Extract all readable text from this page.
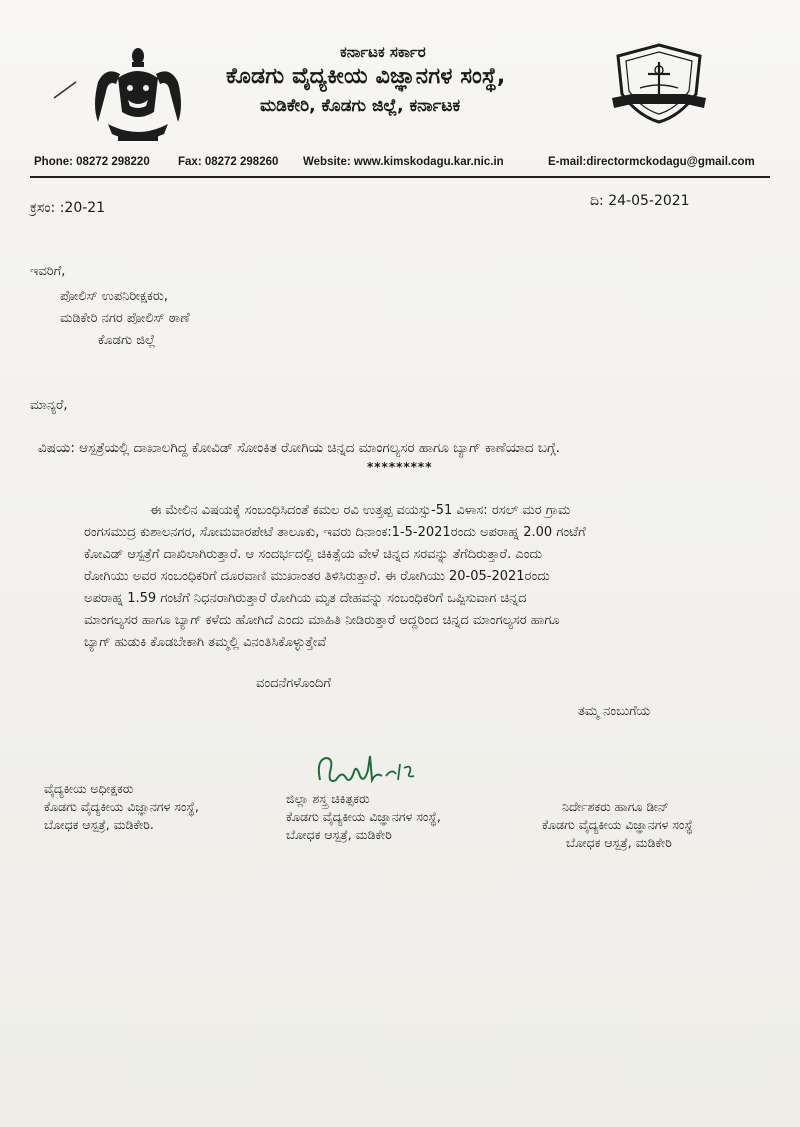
ಕರ್ನಾಟಕ ಸರ್ಕಾರ
ಕೊಡಗು ವೈದ್ಯಕೀಯ ವಿಜ್ಞಾನಗಳ ಸಂಸ್ಥೆ,
ಮಡಿಕೇರಿ, ಕೊಡಗು ಜಿಲ್ಲೆ, ಕರ್ನಾಟಕ
Phone: 08272 298220 Fax: 08272 298260 Website: www.kimskodagu.kar.nic.in	E-mail:directormckodagu@gmail.com
ಕ್ರಸಂ: :20-21	ದಿ: 24-05-2021
ಇವರಿಗೆ,
ಪೋಲಿಸ್ ಉಪನಿರೀಕ್ಷಕರು,
ಮಡಿಕೇರಿ ನಗರ ಪೋಲಿಸ್ ಠಾಣೆ
ಕೊಡಗು ಜಿಲ್ಲೆ
ಮಾನ್ಯರೆ,
ವಿಷಯ: ಆಸ್ಪತ್ರೆಯಲ್ಲಿ ದಾಖಾಲಗಿದ್ದ ಕೋವಿಡ್ ಸೋಂಕಿತ ರೋಗಿಯ ಚಿನ್ನದ ಮಾಂಗಲ್ಯಸರ ಹಾಗೂ ಬ್ಯಾಗ್ ಕಾಣೆಯಾದ ಬಗ್ಗೆ.
*********
ಈ ಮೇಲಿನ ವಿಷಯಕ್ಕೆ ಸಂಬಂಧಿಸಿದಂತೆ ಕಮಲ ರವಿ ಉತ್ತಪ್ಪ ವಯಸ್ಸು-51 ವಿಳಾಸ: ರಸಲ್ ಮರ ಗ್ರಾಮ
ರಂಗಸಮುದ್ರ ಕುಶಾಲನಗರ, ಸೋಮವಾರಪೇಟೆ ತಾಲೂಕು, ಇವರು ದಿನಾಂಕ:1-5-2021ರಂದು ಅಪರಾಹ್ನ 2.00 ಗಂಟೆಗೆ
ಕೋವಿಡ್ ಆಸ್ಪತ್ರೆಗೆ ದಾಖಿಲಾಗಿರುತ್ತಾರೆ. ಆ ಸಂದರ್ಭದಲ್ಲಿ ಚಿಕಿತ್ಸೆಯ ವೇಳೆ ಚಿನ್ನದ ಸರವನ್ನು ತೆಗೆದಿರುತ್ತಾರೆ. ಎಂದು
ರೋಗಿಯು ಅವರ ಸಂಬಂಧಿಕರಿಗೆ ದೂರವಾಣಿ ಮುಖಾಂತರ ತಿಳಿಸಿರುತ್ತಾರೆ. ಈ ರೋಗಿಯು 20-05-2021ರಂದು
ಅಪರಾಹ್ನ 1.59 ಗಂಟೆಗೆ ನಿಧನರಾಗಿರುತ್ತಾರೆ ರೋಗಿಯ ಮೃತ ದೇಹವನ್ನು ಸಂಬಂಧಿಕರಿಗೆ ಒಪ್ಪಿಸುವಾಗ ಚಿನ್ನದ
ಮಾಂಗಲ್ಯಸರ ಹಾಗೂ ಬ್ಯಾಗ್ ಕಳೆದು ಹೋಗಿದೆ ಎಂದು ಮಾಹಿತಿ ನೀಡಿರುತ್ತಾರೆ ಆದ್ದರಿಂದ ಚಿನ್ನದ ಮಾಂಗಲ್ಯಸರ ಹಾಗೂ
ಬ್ಯಾಗ್ ಹುಡುಕಿ ಕೊಡಬೇಕಾಗಿ ತಮ್ಮಲ್ಲಿ ವಿನಂತಿಸಿಕೊಳ್ಳುತ್ತೇವೆ
ವಂದನೆಗಳೊಂದಿಗೆ
ತಮ್ಮ ನಂಬುಗೆಯ
ವೈದ್ಯಕೀಯ ಅಧೀಕ್ಷಕರು
ಕೊಡಗು ವೈದ್ಯಕೀಯ ವಿಜ್ಞಾನಗಳ ಸಂಸ್ಥೆ,
ಬೋಧಕ ಆಸ್ಪತ್ರೆ, ಮಡಿಕೇರಿ.
ಜಿಲ್ಲಾ ಶಸ್ತ್ರ ಚಿಕಿತ್ಸಕರು
ಕೊಡಗು ವೈದ್ಯಕೀಯ ವಿಜ್ಞಾನಗಳ ಸಂಸ್ಥೆ,
ಬೋಧಕ ಆಸ್ಪತ್ರೆ, ಮಡಿಕೇರಿ
ನಿರ್ದೇಶಕರು ಹಾಗೂ ಡೀನ್
ಕೊಡಗು ವೈದ್ಯಕೀಯ ವಿಜ್ಞಾನಗಳ ಸಂಸ್ಥೆ
ಬೋಧಕ ಆಸ್ಪತ್ರೆ, ಮಡಿಕೇರಿ
